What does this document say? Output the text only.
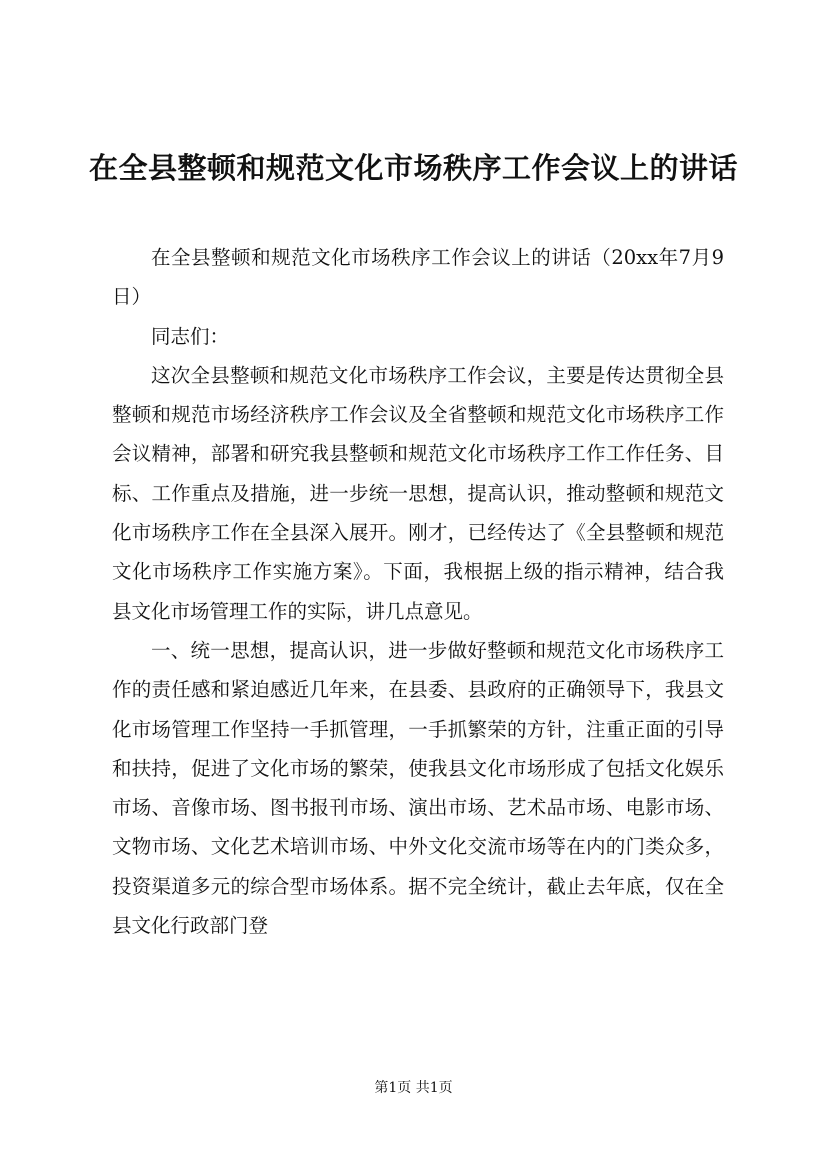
在全县整顿和规范文化市场秩序工作会议上的讲话

在全县整顿和规范文化市场秩序工作会议上的讲话（20xx年7月9日）

同志们：

这次全县整顿和规范文化市场秩序工作会议，主要是传达贯彻全县整顿和规范市场经济秩序工作会议及全省整顿和规范文化市场秩序工作会议精神，部署和研究我县整顿和规范文化市场秩序工作工作任务、目标、工作重点及措施，进一步统一思想，提高认识，推动整顿和规范文化市场秩序工作在全县深入展开。刚才，已经传达了《全县整顿和规范文化市场秩序工作实施方案》。下面，我根据上级的指示精神，结合我县文化市场管理工作的实际，讲几点意见。

一、统一思想，提高认识，进一步做好整顿和规范文化市场秩序工作的责任感和紧迫感近几年来，在县委、县政府的正确领导下，我县文化市场管理工作坚持一手抓管理，一手抓繁荣的方针，注重正面的引导和扶持，促进了文化市场的繁荣，使我县文化市场形成了包括文化娱乐市场、音像市场、图书报刊市场、演出市场、艺术品市场、电影市场、文物市场、文化艺术培训市场、中外文化交流市场等在内的门类众多，投资渠道多元的综合型市场体系。据不完全统计，截止去年底，仅在全县文化行政部门登

第1页 共1页
